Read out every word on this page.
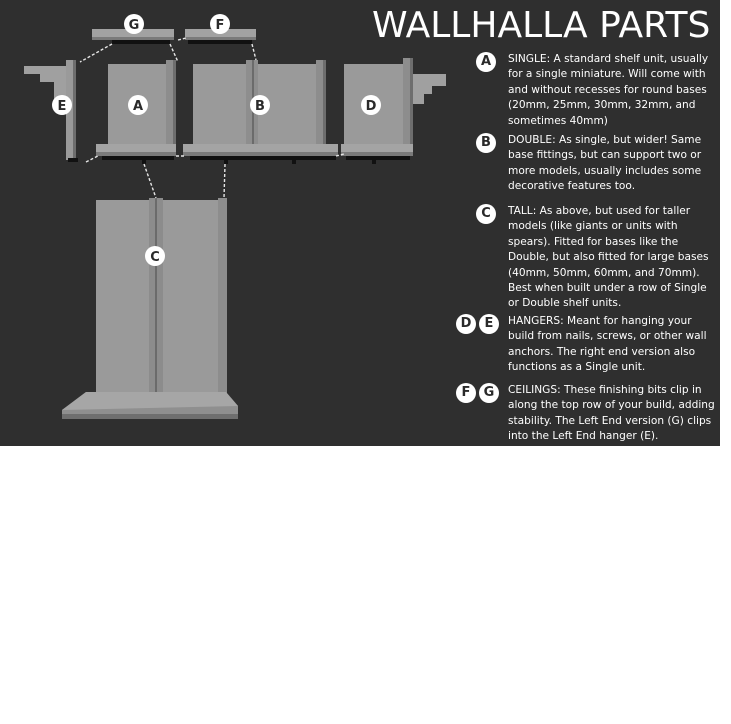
A	B
C
D
E
F
G	WALLHALLA PARTS
A	SINGLE: A standard shelf unit, usually for a single miniature. Will come with and without recesses for round bases (20mm, 25mm, 30mm, 32mm, and sometimes 40mm)

B	DOUBLE: As single, but wider! Same base fittings, but can support two or more models, usually includes some decorative features too.

C	TALL: As above, but used for taller models (like giants or units with spears). Fitted for bases like the Double, but also fitted for large bases (40mm, 50mm, 60mm, and 70mm). Best when built under a row of Single or Double shelf units.

D E	HANGERS: Meant for hanging your build from nails, screws, or other wall anchors. The right end version also functions as a Single unit.

F G	CEILINGS: These finishing bits clip in along the top row of your build, adding stability. The Left End version (G) clips into the Left End hanger (E).
